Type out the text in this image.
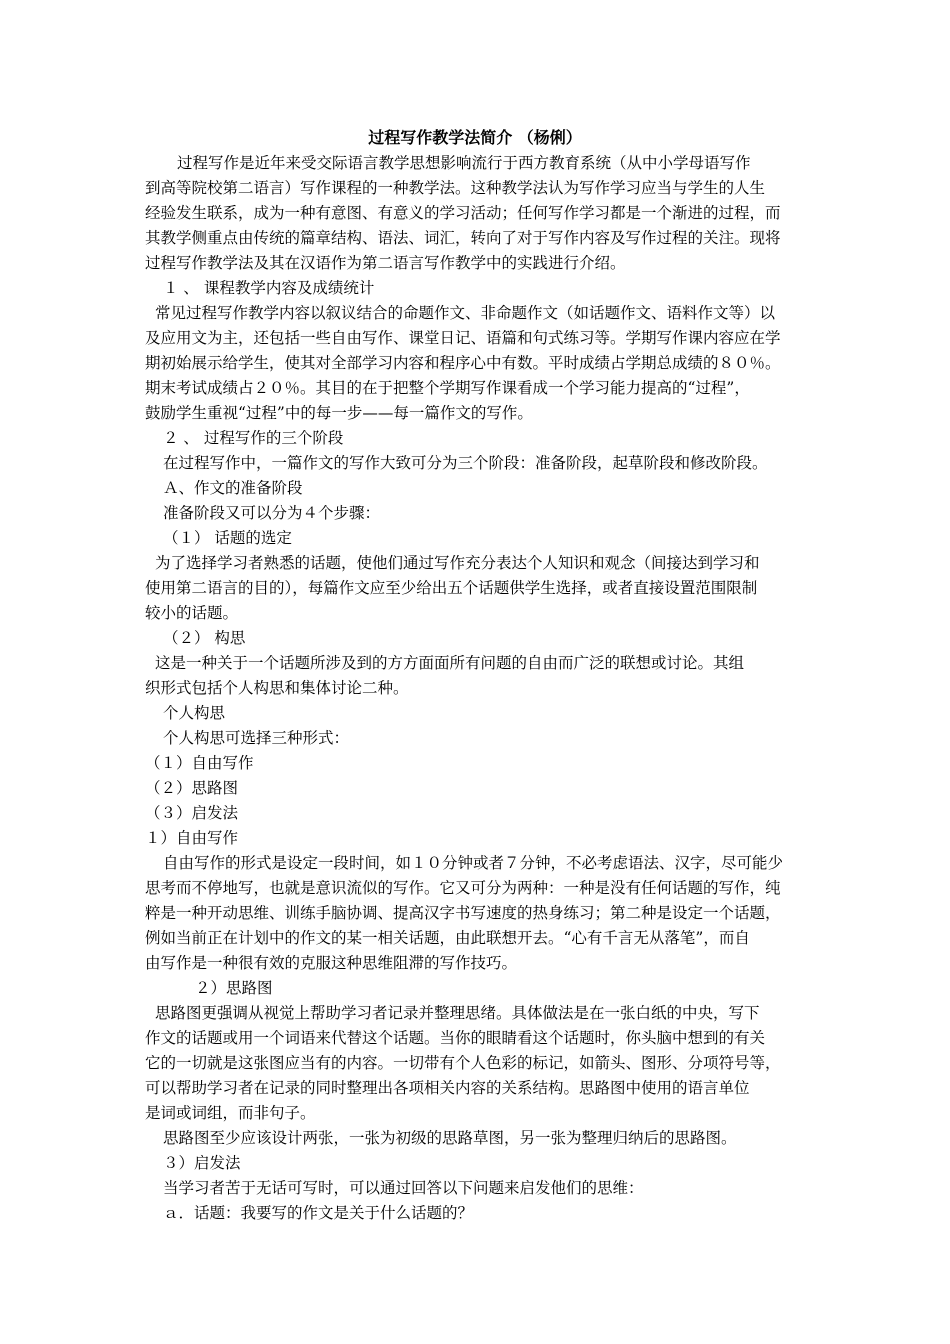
过程写作教学法简介 （杨俐）
过程写作是近年来受交际语言教学思想影响流行于西方教育系统（从中小学母语写作
到高等院校第二语言）写作课程的一种教学法。这种教学法认为写作学习应当与学生的人生
经验发生联系，成为一种有意图、有意义的学习活动；任何写作学习都是一个渐进的过程，而
其教学侧重点由传统的篇章结构、语法、词汇，转向了对于写作内容及写作过程的关注。现将
过程写作教学法及其在汉语作为第二语言写作教学中的实践进行介绍。
１ 、 课程教学内容及成绩统计
常见过程写作教学内容以叙议结合的命题作文、非命题作文（如话题作文、语料作文等）以
及应用文为主，还包括一些自由写作、课堂日记、语篇和句式练习等。学期写作课内容应在学
期初始展示给学生，使其对全部学习内容和程序心中有数。平时成绩占学期总成绩的８０％。
期末考试成绩占２０％。其目的在于把整个学期写作课看成一个学习能力提高的“过程”，
鼓励学生重视“过程”中的每一步——每一篇作文的写作。
２ 、 过程写作的三个阶段
在过程写作中，一篇作文的写作大致可分为三个阶段：准备阶段，起草阶段和修改阶段。
Ａ、作文的准备阶段
准备阶段又可以分为４个步骤：
（１） 话题的选定
为了选择学习者熟悉的话题，使他们通过写作充分表达个人知识和观念（间接达到学习和
使用第二语言的目的），每篇作文应至少给出五个话题供学生选择，或者直接设置范围限制
较小的话题。
（２） 构思
这是一种关于一个话题所涉及到的方方面面所有问题的自由而广泛的联想或讨论。其组
织形式包括个人构思和集体讨论二种。
个人构思
个人构思可选择三种形式：
（１）自由写作
（２）思路图
（３）启发法
１）自由写作
自由写作的形式是设定一段时间，如１０分钟或者７分钟，不必考虑语法、汉字，尽可能少
思考而不停地写，也就是意识流似的写作。它又可分为两种：一种是没有任何话题的写作，纯
粹是一种开动思维、训练手脑协调、提高汉字书写速度的热身练习；第二种是设定一个话题，
例如当前正在计划中的作文的某一相关话题，由此联想开去。“心有千言无从落笔”，而自
由写作是一种很有效的克服这种思维阻滞的写作技巧。
２）思路图
思路图更强调从视觉上帮助学习者记录并整理思绪。具体做法是在一张白纸的中央，写下
作文的话题或用一个词语来代替这个话题。当你的眼睛看这个话题时，你头脑中想到的有关
它的一切就是这张图应当有的内容。一切带有个人色彩的标记，如箭头、图形、分项符号等，
可以帮助学习者在记录的同时整理出各项相关内容的关系结构。思路图中使用的语言单位
是词或词组，而非句子。
思路图至少应该设计两张，一张为初级的思路草图，另一张为整理归纳后的思路图。
３）启发法
当学习者苦于无话可写时，可以通过回答以下问题来启发他们的思维：
ａ．话题：我要写的作文是关于什么话题的？
